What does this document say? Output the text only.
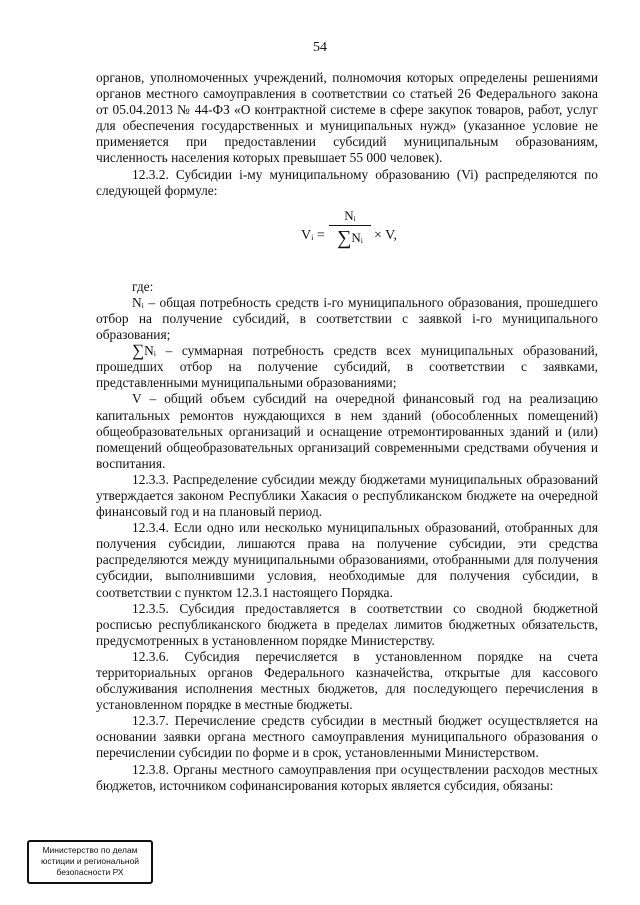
54

органов, уполномоченных учреждений, полномочия которых определены решениями органов местного самоуправления в соответствии со статьей 26 Федерального закона от 05.04.2013 № 44-ФЗ «О контрактной системе в сфере закупок товаров, работ, услуг для обеспечения государственных и муниципальных нужд» (указанное условие не применяется при предоставлении субсидий муниципальным образованиям, численность населения которых превышает 55 000 человек).

12.3.2. Субсидии i-му муниципальному образованию (Vi) распределяются по следующей формуле:

Vᵢ =
Nᵢ
∑Nᵢ × V,

где:

Nᵢ – общая потребность средств i-го муниципального образования, прошедшего отбор на получение субсидий, в соответствии с заявкой i-го муниципального образования;

∑Nᵢ – суммарная потребность средств всех муниципальных образований, прошедших отбор на получение субсидий, в соответствии с заявками, представленными муниципальными образованиями;

V – общий объем субсидий на очередной финансовый год на реализацию капитальных ремонтов нуждающихся в нем зданий (обособленных помещений) общеобразовательных организаций и оснащение отремонтированных зданий и (или) помещений общеобразовательных организаций современными средствами обучения и воспитания.

12.3.3. Распределение субсидии между бюджетами муниципальных образований утверждается законом Республики Хакасия о республиканском бюджете на очередной финансовый год и на плановый период.

12.3.4. Если одно или несколько муниципальных образований, отобранных для получения субсидии, лишаются права на получение субсидии, эти средства распределяются между муниципальными образованиями, отобранными для получения субсидии, выполнившими условия, необходимые для получения субсидии, в соответствии с пунктом 12.3.1 настоящего Порядка.

12.3.5. Субсидия предоставляется в соответствии со сводной бюджетной росписью республиканского бюджета в пределах лимитов бюджетных обязательств, предусмотренных в установленном порядке Министерству.

12.3.6. Субсидия перечисляется в установленном порядке на счета территориальных органов Федерального казначейства, открытые для кассового обслуживания исполнения местных бюджетов, для последующего перечисления в установленном порядке в местные бюджеты.

12.3.7. Перечисление средств субсидии в местный бюджет осуществляется на основании заявки органа местного самоуправления муниципального образования о перечислении субсидии по форме и в срок, установленными Министерством.

12.3.8. Органы местного самоуправления при осуществлении расходов местных бюджетов, источником софинансирования которых является субсидия, обязаны:

Министерство по делам
юстиции и региональной
безопасности РХ
